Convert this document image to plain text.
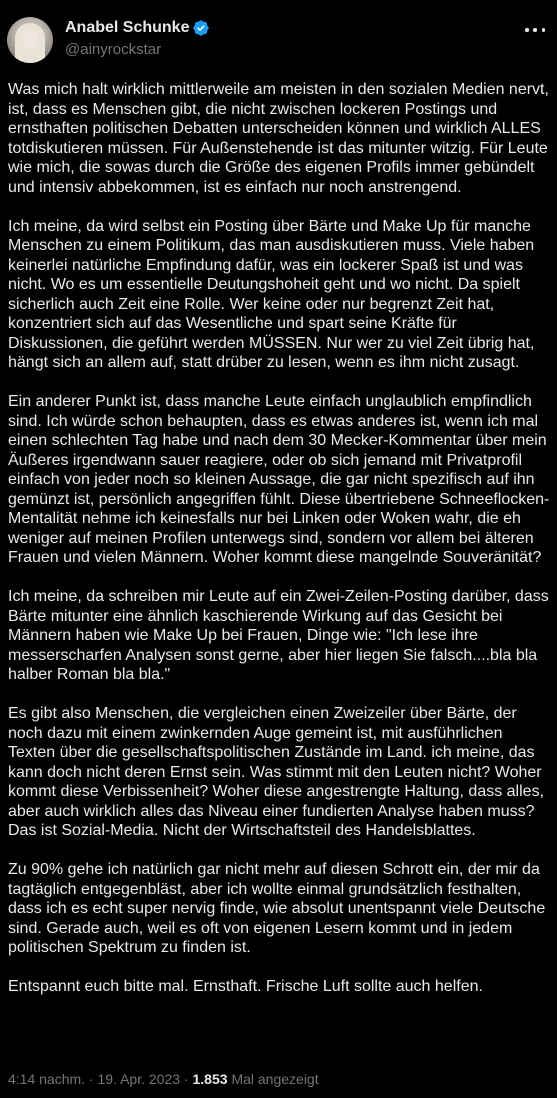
Anabel Schunke
@ainyrockstar

Was mich halt wirklich mittlerweile am meisten in den sozialen Medien nervt, ist, dass es Menschen gibt, die nicht zwischen lockeren Postings und ernsthaften politischen Debatten unterscheiden können und wirklich ALLES totdiskutieren müssen. Für Außenstehende ist das mitunter witzig. Für Leute wie mich, die sowas durch die Größe des eigenen Profils immer gebündelt und intensiv abbekommen, ist es einfach nur noch anstrengend.

Ich meine, da wird selbst ein Posting über Bärte und Make Up für manche Menschen zu einem Politikum, das man ausdiskutieren muss. Viele haben keinerlei natürliche Empfindung dafür, was ein lockerer Spaß ist und was nicht. Wo es um essentielle Deutungshoheit geht und wo nicht. Da spielt sicherlich auch Zeit eine Rolle. Wer keine oder nur begrenzt Zeit hat, konzentriert sich auf das Wesentliche und spart seine Kräfte für Diskussionen, die geführt werden MÜSSEN. Nur wer zu viel Zeit übrig hat, hängt sich an allem auf, statt drüber zu lesen, wenn es ihm nicht zusagt.

Ein anderer Punkt ist, dass manche Leute einfach unglaublich empfindlich sind. Ich würde schon behaupten, dass es etwas anderes ist, wenn ich mal einen schlechten Tag habe und nach dem 30 Mecker-Kommentar über mein Äußeres irgendwann sauer reagiere, oder ob sich jemand mit Privatprofil einfach von jeder noch so kleinen Aussage, die gar nicht spezifisch auf ihn gemünzt ist, persönlich angegriffen fühlt. Diese übertriebene Schneeflocken-Mentalität nehme ich keinesfalls nur bei Linken oder Woken wahr, die eh weniger auf meinen Profilen unterwegs sind, sondern vor allem bei älteren Frauen und vielen Männern. Woher kommt diese mangelnde Souveränität?

Ich meine, da schreiben mir Leute auf ein Zwei-Zeilen-Posting darüber, dass Bärte mitunter eine ähnlich kaschierende Wirkung auf das Gesicht bei Männern haben wie Make Up bei Frauen, Dinge wie: "Ich lese ihre messerscharfen Analysen sonst gerne, aber hier liegen Sie falsch....bla bla halber Roman bla bla."

Es gibt also Menschen, die vergleichen einen Zweizeiler über Bärte, der noch dazu mit einem zwinkernden Auge gemeint ist, mit ausführlichen Texten über die gesellschaftspolitischen Zustände im Land. ich meine, das kann doch nicht deren Ernst sein. Was stimmt mit den Leuten nicht? Woher kommt diese Verbissenheit? Woher diese angestrengte Haltung, dass alles, aber auch wirklich alles das Niveau einer fundierten Analyse haben muss? Das ist Sozial-Media. Nicht der Wirtschaftsteil des Handelsblattes.

Zu 90% gehe ich natürlich gar nicht mehr auf diesen Schrott ein, der mir da tagtäglich entgegenbläst, aber ich wollte einmal grundsätzlich festhalten, dass ich es echt super nervig finde, wie absolut unentspannt viele Deutsche sind. Gerade auch, weil es oft von eigenen Lesern kommt und in jedem politischen Spektrum zu finden ist.

Entspannt euch bitte mal. Ernsthaft. Frische Luft sollte auch helfen.

4:14 nachm. · 19. Apr. 2023 · 1.853 Mal angezeigt
